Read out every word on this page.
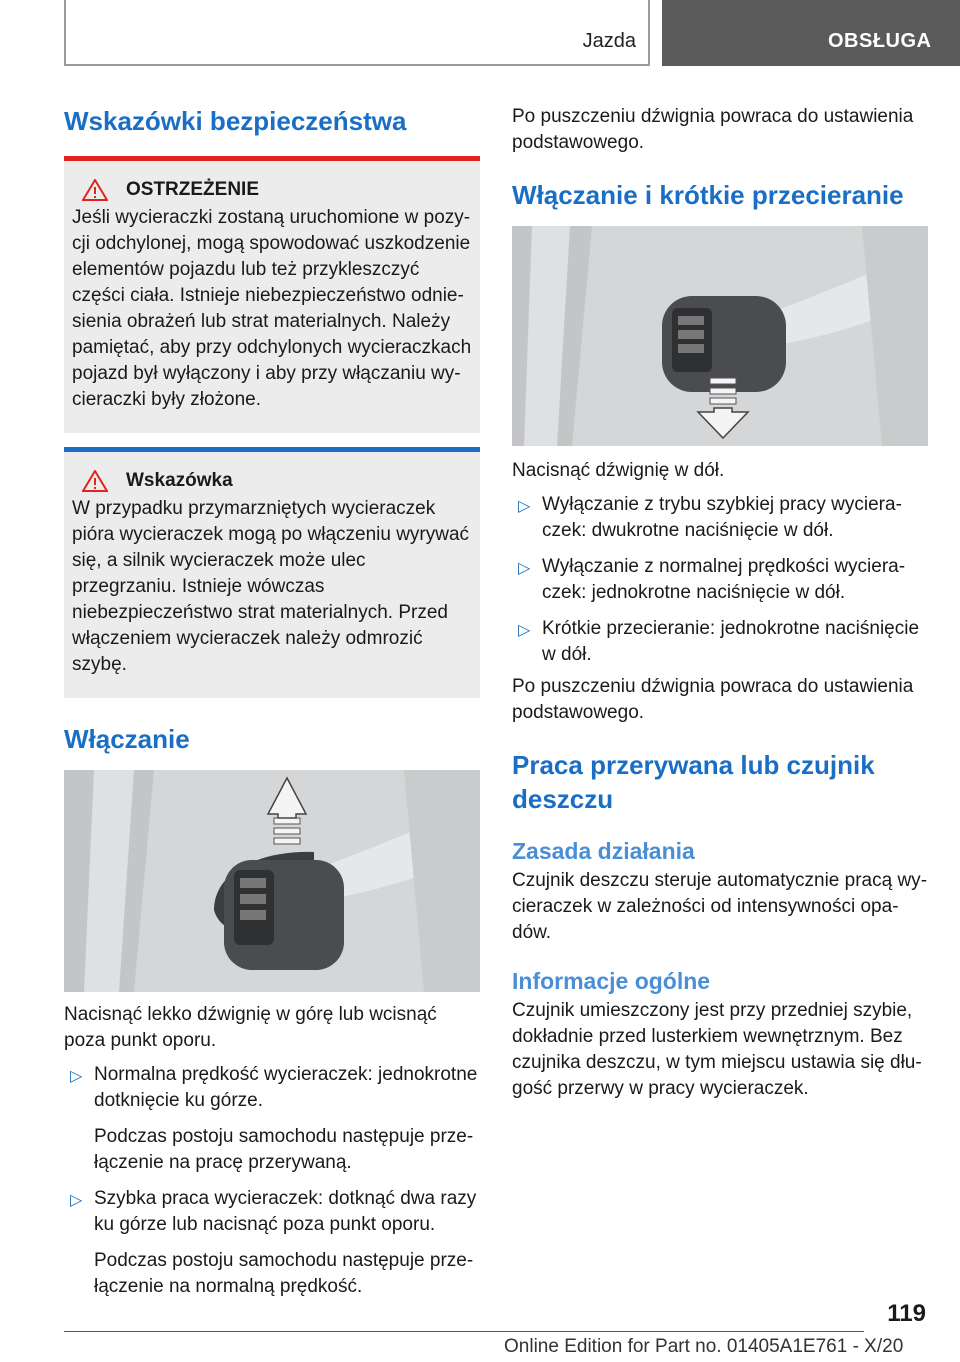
Jazda	OBSŁUGA
Wskazówki bezpieczeństwa
OSTRZEŻENIE

Jeśli wycieraczki zostaną uruchomione w pozycji odchylonej, mogą spowodować uszkodzenie elementów pojazdu lub też przykleszczyć części ciała. Istnieje niebezpieczeństwo odniesienia obrażeń lub strat materialnych. Należy pamiętać, aby przy odchylonych wycieraczkach pojazd był wyłączony i aby przy włączaniu wycieraczki były złożone.

Wskazówka

W przypadku przymarzniętych wycieraczek pióra wycieraczek mogą po włączeniu wyrywać się, a silnik wycieraczek może ulec przegrzaniu. Istnieje wówczas niebezpieczeństwo strat materialnych. Przed włączeniem wycieraczek należy odmrozić szybę.

Włączanie

Nacisnąć lekko dźwignię w górę lub wcisnąć poza punkt oporu.

▷ Normalna prędkość wycieraczek: jednokrotne dotknięcie ku górze.
Podczas postoju samochodu następuje przełączenie na pracę przerywaną.
▷ Szybka praca wycieraczek: dotknąć dwa razy ku górze lub nacisnąć poza punkt oporu.
Podczas postoju samochodu następuje przełączenie na normalną prędkość.

Po puszczeniu dźwignia powraca do ustawienia podstawowego.

Włączanie i krótkie przecieranie

Nacisnąć dźwignię w dół.

▷ Wyłączanie z trybu szybkiej pracy wycieraczek: dwukrotne naciśnięcie w dół.
▷ Wyłączanie z normalnej prędkości wycieraczek: jednokrotne naciśnięcie w dół.
▷ Krótkie przecieranie: jednokrotne naciśnięcie w dół.

Po puszczeniu dźwignia powraca do ustawienia podstawowego.

Praca przerywana lub czujnik deszczu
Zasada działania

Czujnik deszczu steruje automatycznie pracą wycieraczek w zależności od intensywności opadów.

Informacje ogólne

Czujnik umieszczony jest przy przedniej szybie, dokładnie przed lusterkiem wewnętrznym. Bez czujnika deszczu, w tym miejscu ustawia się długość przerwy w pracy wycieraczek.

119
Online Edition for Part no. 01405A1E761 - X/20
